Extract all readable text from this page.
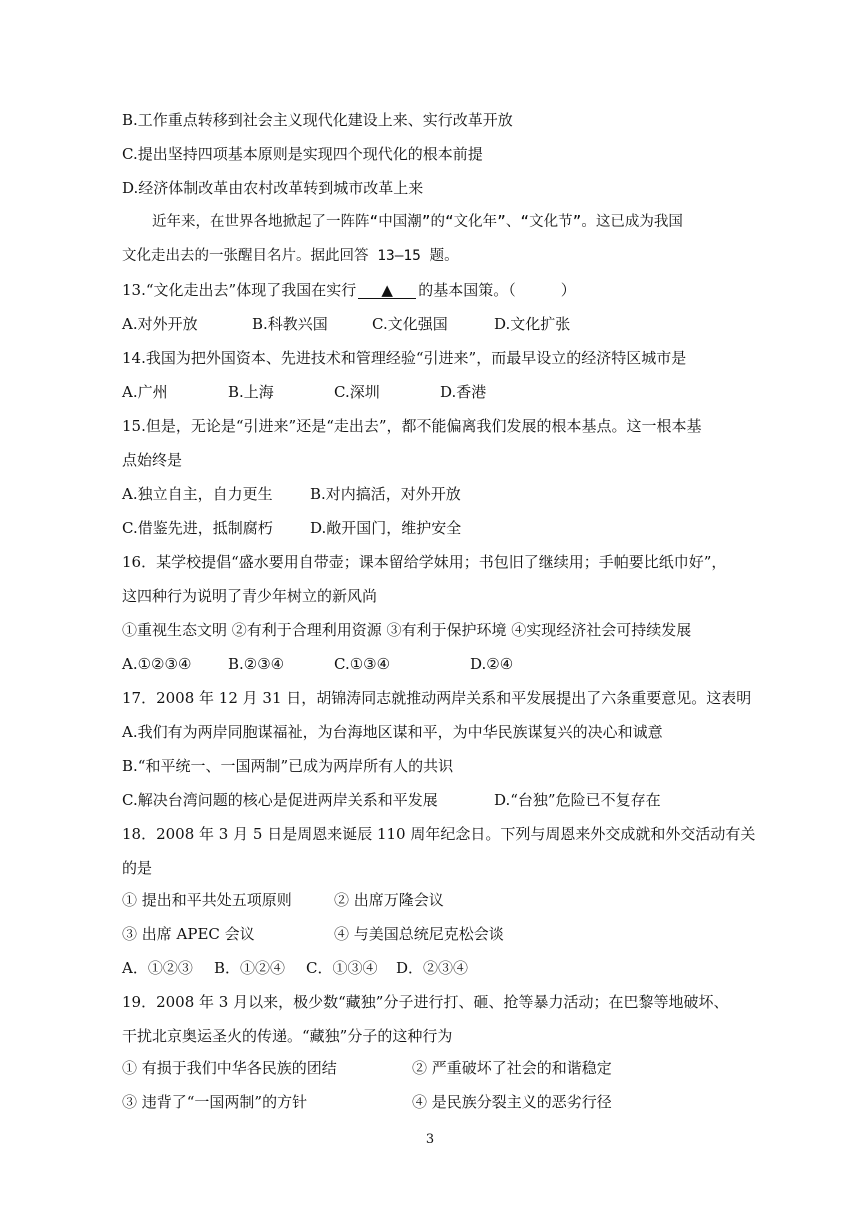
B.工作重点转移到社会主义现代化建设上来、实行改革开放
C.提出坚持四项基本原则是实现四个现代化的根本前提
D.经济体制改革由农村改革转到城市改革上来
近年来，在世界各地掀起了一阵阵“中国潮”的“文化年”、“文化节”。这已成为我国
文化走出去的一张醒目名片。据此回答 13—15 题。
13.“文化走出去”体现了我国在实行 ▲ 的基本国策。（　　　）
A.对外开放	B.科教兴国	C.文化强国	D.文化扩张
14.我国为把外国资本、先进技术和管理经验“引进来”，而最早设立的经济特区城市是
A.广州	B.上海	C.深圳	D.香港
15.但是，无论是“引进来”还是“走出去”，都不能偏离我们发展的根本基点。这一根本基
点始终是
A.独立自主，自力更生	B.对内搞活，对外开放
C.借鉴先进，抵制腐朽	D.敞开国门，维护安全
16．某学校提倡“盛水要用自带壶；课本留给学妹用；书包旧了继续用；手帕要比纸巾好”，
这四种行为说明了青少年树立的新风尚
①重视生态文明 ②有利于合理利用资源 ③有利于保护环境 ④实现经济社会可持续发展
A.①②③④	B.②③④	C.①③④	D.②④
17．2008 年 12 月 31 日，胡锦涛同志就推动两岸关系和平发展提出了六条重要意见。这表明
A.我们有为两岸同胞谋福祉，为台海地区谋和平，为中华民族谋复兴的决心和诚意
B.“和平统一、一国两制”已成为两岸所有人的共识
C.解决台湾问题的核心是促进两岸关系和平发展	D.“台独”危险已不复存在
18．2008 年 3 月 5 日是周恩来诞辰 110 周年纪念日。下列与周恩来外交成就和外交活动有关
的是
① 提出和平共处五项原则	② 出席万隆会议
③ 出席 APEC 会议	④ 与美国总统尼克松会谈
A．①②③	B．①②④	C．①③④	D．②③④
19．2008 年 3 月以来，极少数“藏独”分子进行打、砸、抢等暴力活动；在巴黎等地破坏、
干扰北京奥运圣火的传递。“藏独”分子的这种行为
① 有损于我们中华各民族的团结	② 严重破坏了社会的和谐稳定
③ 违背了“一国两制”的方针	④ 是民族分裂主义的恶劣行径
3
